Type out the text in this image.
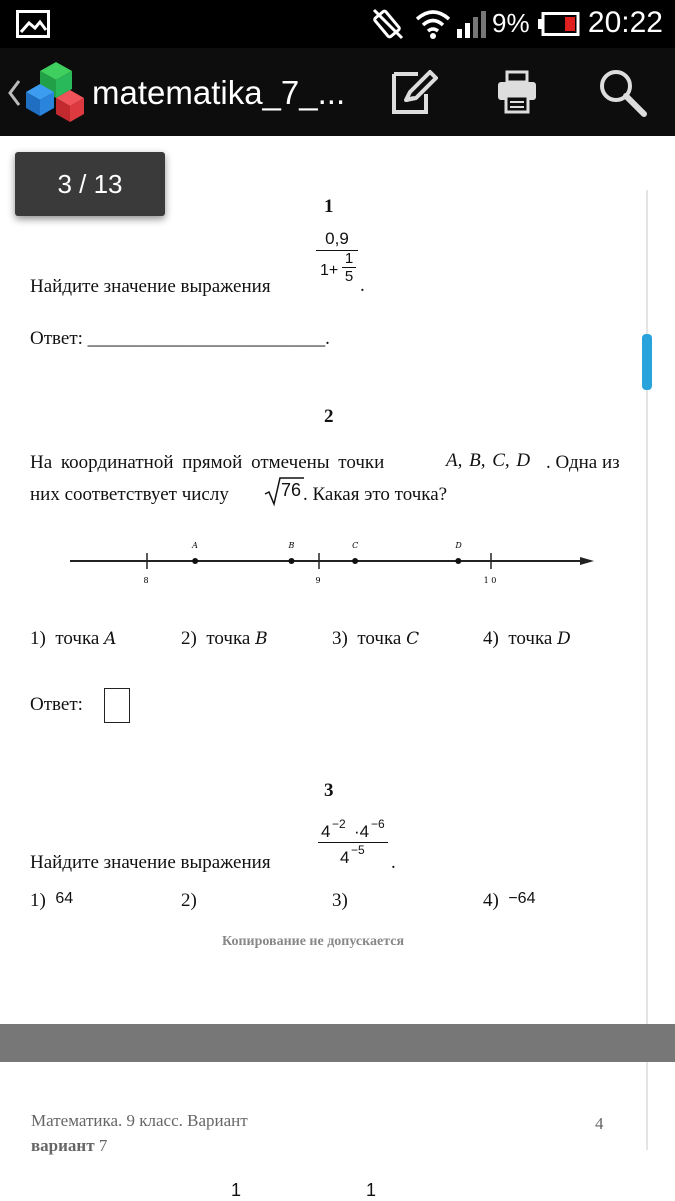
9% 20:22
matematika_7_...
1
Найдите значение выражения
0,9
$1+ \frac{1}{5}$ .
Ответ: _________________________.
2
На координатной прямой отмечены точки	A, B, C, D . Одна из
них соответствует числу	76 . Какая это точка?
8	9	1 0
A	B	C	D
1) точка A	2) точка B	3) точка C	4) точка D
Ответ:
3
Найдите значение выражения
4 −2 ·4 −6
4 −5
.
1) 64	2)	3)	4) −64
Копирование не допускается
Математика. 9 класс. Вариант
вариант 7
4
1	1
3 / 13
